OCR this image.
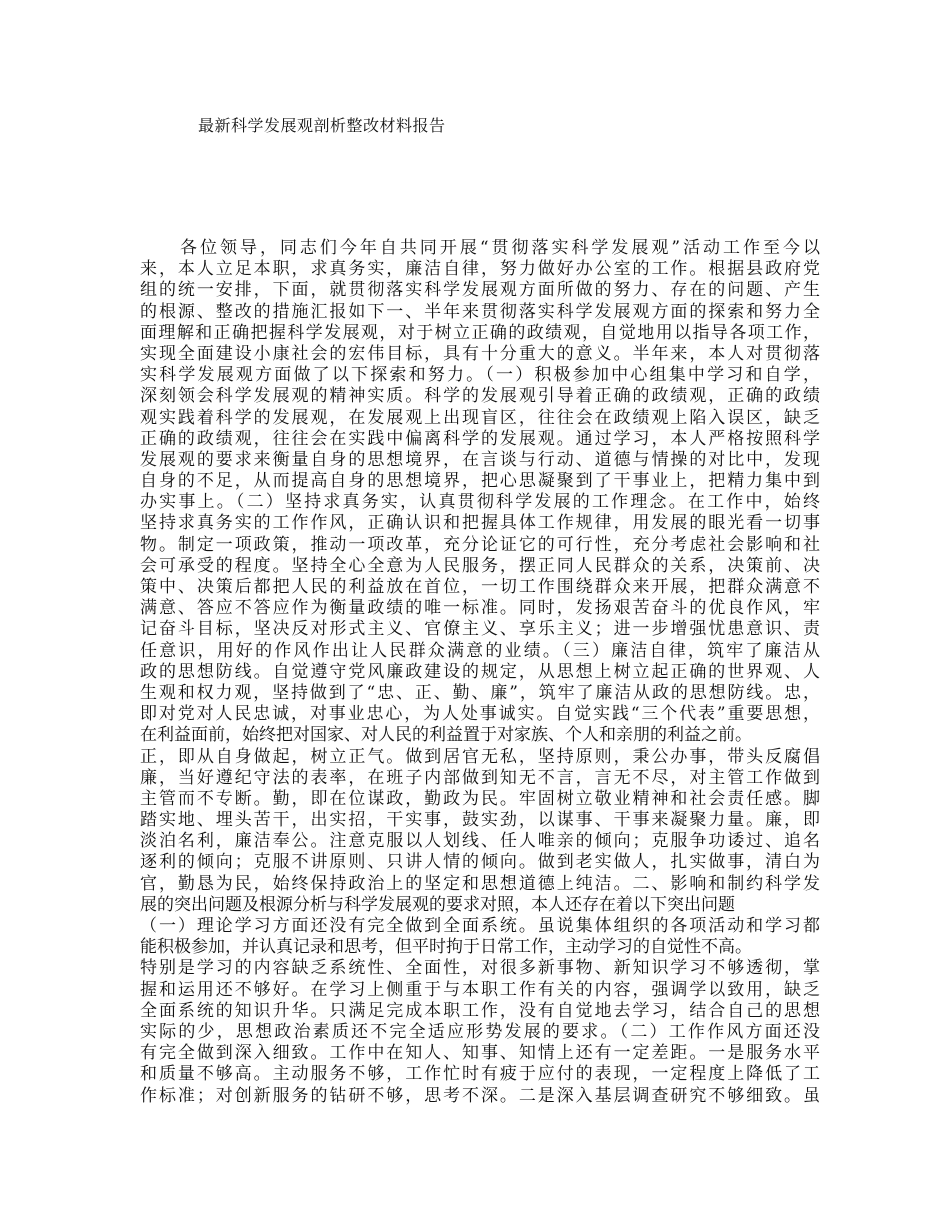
最新科学发展观剖析整改材料报告
各位领导，同志们今年自共同开展“贯彻落实科学发展观”活动工作至今以
来，本人立足本职，求真务实，廉洁自律，努力做好办公室的工作。根据县政府党
组的统一安排，下面，就贯彻落实科学发展观方面所做的努力、存在的问题、产生
的根源、整改的措施汇报如下一、半年来贯彻落实科学发展观方面的探索和努力全
面理解和正确把握科学发展观，对于树立正确的政绩观，自觉地用以指导各项工作，
实现全面建设小康社会的宏伟目标，具有十分重大的意义。半年来，本人对贯彻落
实科学发展观方面做了以下探索和努力。（一）积极参加中心组集中学习和自学，
深刻领会科学发展观的精神实质。科学的发展观引导着正确的政绩观，正确的政绩
观实践着科学的发展观，在发展观上出现盲区，往往会在政绩观上陷入误区，缺乏
正确的政绩观，往往会在实践中偏离科学的发展观。通过学习，本人严格按照科学
发展观的要求来衡量自身的思想境界，在言谈与行动、道德与情操的对比中，发现
自身的不足，从而提高自身的思想境界，把心思凝聚到了干事业上，把精力集中到
办实事上。（二）坚持求真务实，认真贯彻科学发展的工作理念。在工作中，始终
坚持求真务实的工作作风，正确认识和把握具体工作规律，用发展的眼光看一切事
物。制定一项政策，推动一项改革，充分论证它的可行性，充分考虑社会影响和社
会可承受的程度。坚持全心全意为人民服务，摆正同人民群众的关系，决策前、决
策中、决策后都把人民的利益放在首位，一切工作围绕群众来开展，把群众满意不
满意、答应不答应作为衡量政绩的唯一标准。同时，发扬艰苦奋斗的优良作风，牢
记奋斗目标，坚决反对形式主义、官僚主义、享乐主义；进一步增强忧患意识、责
任意识，用好的作风作出让人民群众满意的业绩。（三）廉洁自律，筑牢了廉洁从
政的思想防线。自觉遵守党风廉政建设的规定，从思想上树立起正确的世界观、人
生观和权力观，坚持做到了“忠、正、勤、廉”，筑牢了廉洁从政的思想防线。忠，
即对党对人民忠诚，对事业忠心，为人处事诚实。自觉实践“三个代表”重要思想，
在利益面前，始终把对国家、对人民的利益置于对家族、个人和亲朋的利益之前。
正，即从自身做起，树立正气。做到居官无私，坚持原则，秉公办事，带头反腐倡
廉，当好遵纪守法的表率，在班子内部做到知无不言，言无不尽，对主管工作做到
主管而不专断。勤，即在位谋政，勤政为民。牢固树立敬业精神和社会责任感。脚
踏实地、埋头苦干，出实招，干实事，鼓实劲，以谋事、干事来凝聚力量。廉，即
淡泊名利，廉洁奉公。注意克服以人划线、任人唯亲的倾向；克服争功诿过、追名
逐利的倾向；克服不讲原则、只讲人情的倾向。做到老实做人，扎实做事，清白为
官，勤恳为民，始终保持政治上的坚定和思想道德上纯洁。二、影响和制约科学发
展的突出问题及根源分析与科学发展观的要求对照，本人还存在着以下突出问题
（一）理论学习方面还没有完全做到全面系统。虽说集体组织的各项活动和学习都
能积极参加，并认真记录和思考，但平时拘于日常工作，主动学习的自觉性不高。
特别是学习的内容缺乏系统性、全面性，对很多新事物、新知识学习不够透彻，掌
握和运用还不够好。在学习上侧重于与本职工作有关的内容，强调学以致用，缺乏
全面系统的知识升华。只满足完成本职工作，没有自觉地去学习，结合自己的思想
实际的少，思想政治素质还不完全适应形势发展的要求。（二）工作作风方面还没
有完全做到深入细致。工作中在知人、知事、知情上还有一定差距。一是服务水平
和质量不够高。主动服务不够，工作忙时有疲于应付的表现，一定程度上降低了工
作标准；对创新服务的钻研不够，思考不深。二是深入基层调查研究不够细致。虽
